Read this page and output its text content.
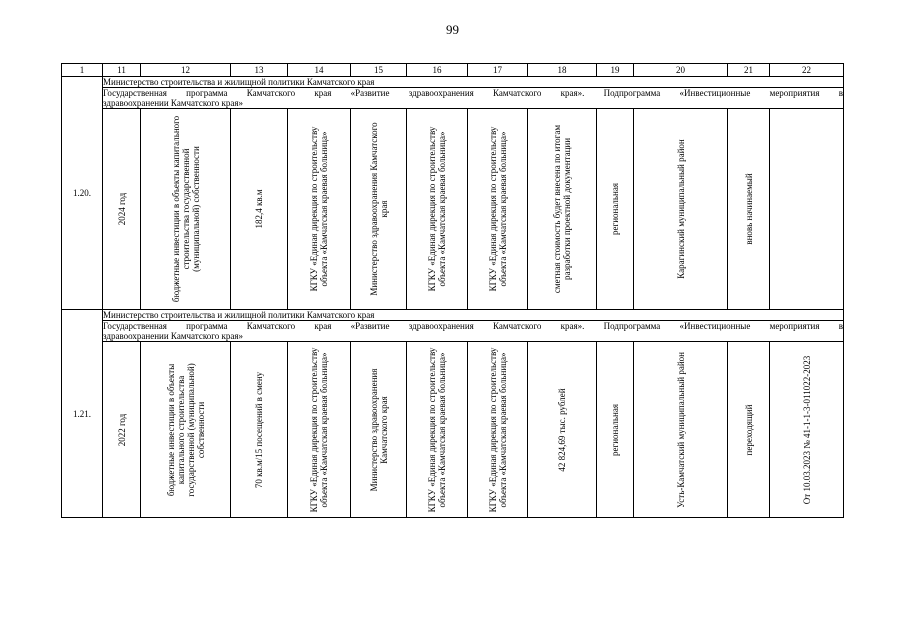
99
1	11	12	13	14	15	16	17	18	19	20	21	22
1.20.	Министерство строительства и жилищной политики Камчатского края											
	Государственная программа Камчатского края «Развитие здравоохранения Камчатского края». Подпрограмма «Инвестиционные мероприятия в
здравоохранении Камчатского края»											

	2024 год	бюджетные инвестиции в объекты капитального строительства государственной (муниципальной) собственности	182,4 кв.м	КГКУ «Единая дирекция по строительству объекта «Камчатская краевая больница»	Министерство здравоохранения Камчатского края	КГКУ «Единая дирекция по строительству объекта «Камчатская краевая больница»	КГКУ «Единая дирекция по строительству объекта «Камчатская краевая больница»	сметная стоимость будет внесена по итогам разработки проектной документации	региональная	Карагинский муниципальный район	вновь начинаемый	

1.21.	Министерство строительства и жилищной политики Камчатского края											
	Государственная программа Камчатского края «Развитие здравоохранения Камчатского края». Подпрограмма «Инвестиционные мероприятия в
здравоохранении Камчатского края»											

	2022 год	бюджетные инвестиции в объекты капитального строительства государственной (муниципальной) собственности	70 кв.м/15 посещений в смену	КГКУ «Единая дирекция по строительству объекта «Камчатская краевая больница»	Министерство здравоохранения Камчатского края	КГКУ «Единая дирекция по строительству объекта «Камчатская краевая больница»	КГКУ «Единая дирекция по строительству объекта «Камчатская краевая больница»	42 824,69 тыс. рублей	региональная	Усть-Камчатский муниципальный район	переходящий	От 10.03.2023 № 41-1-1-3-011022-2023
